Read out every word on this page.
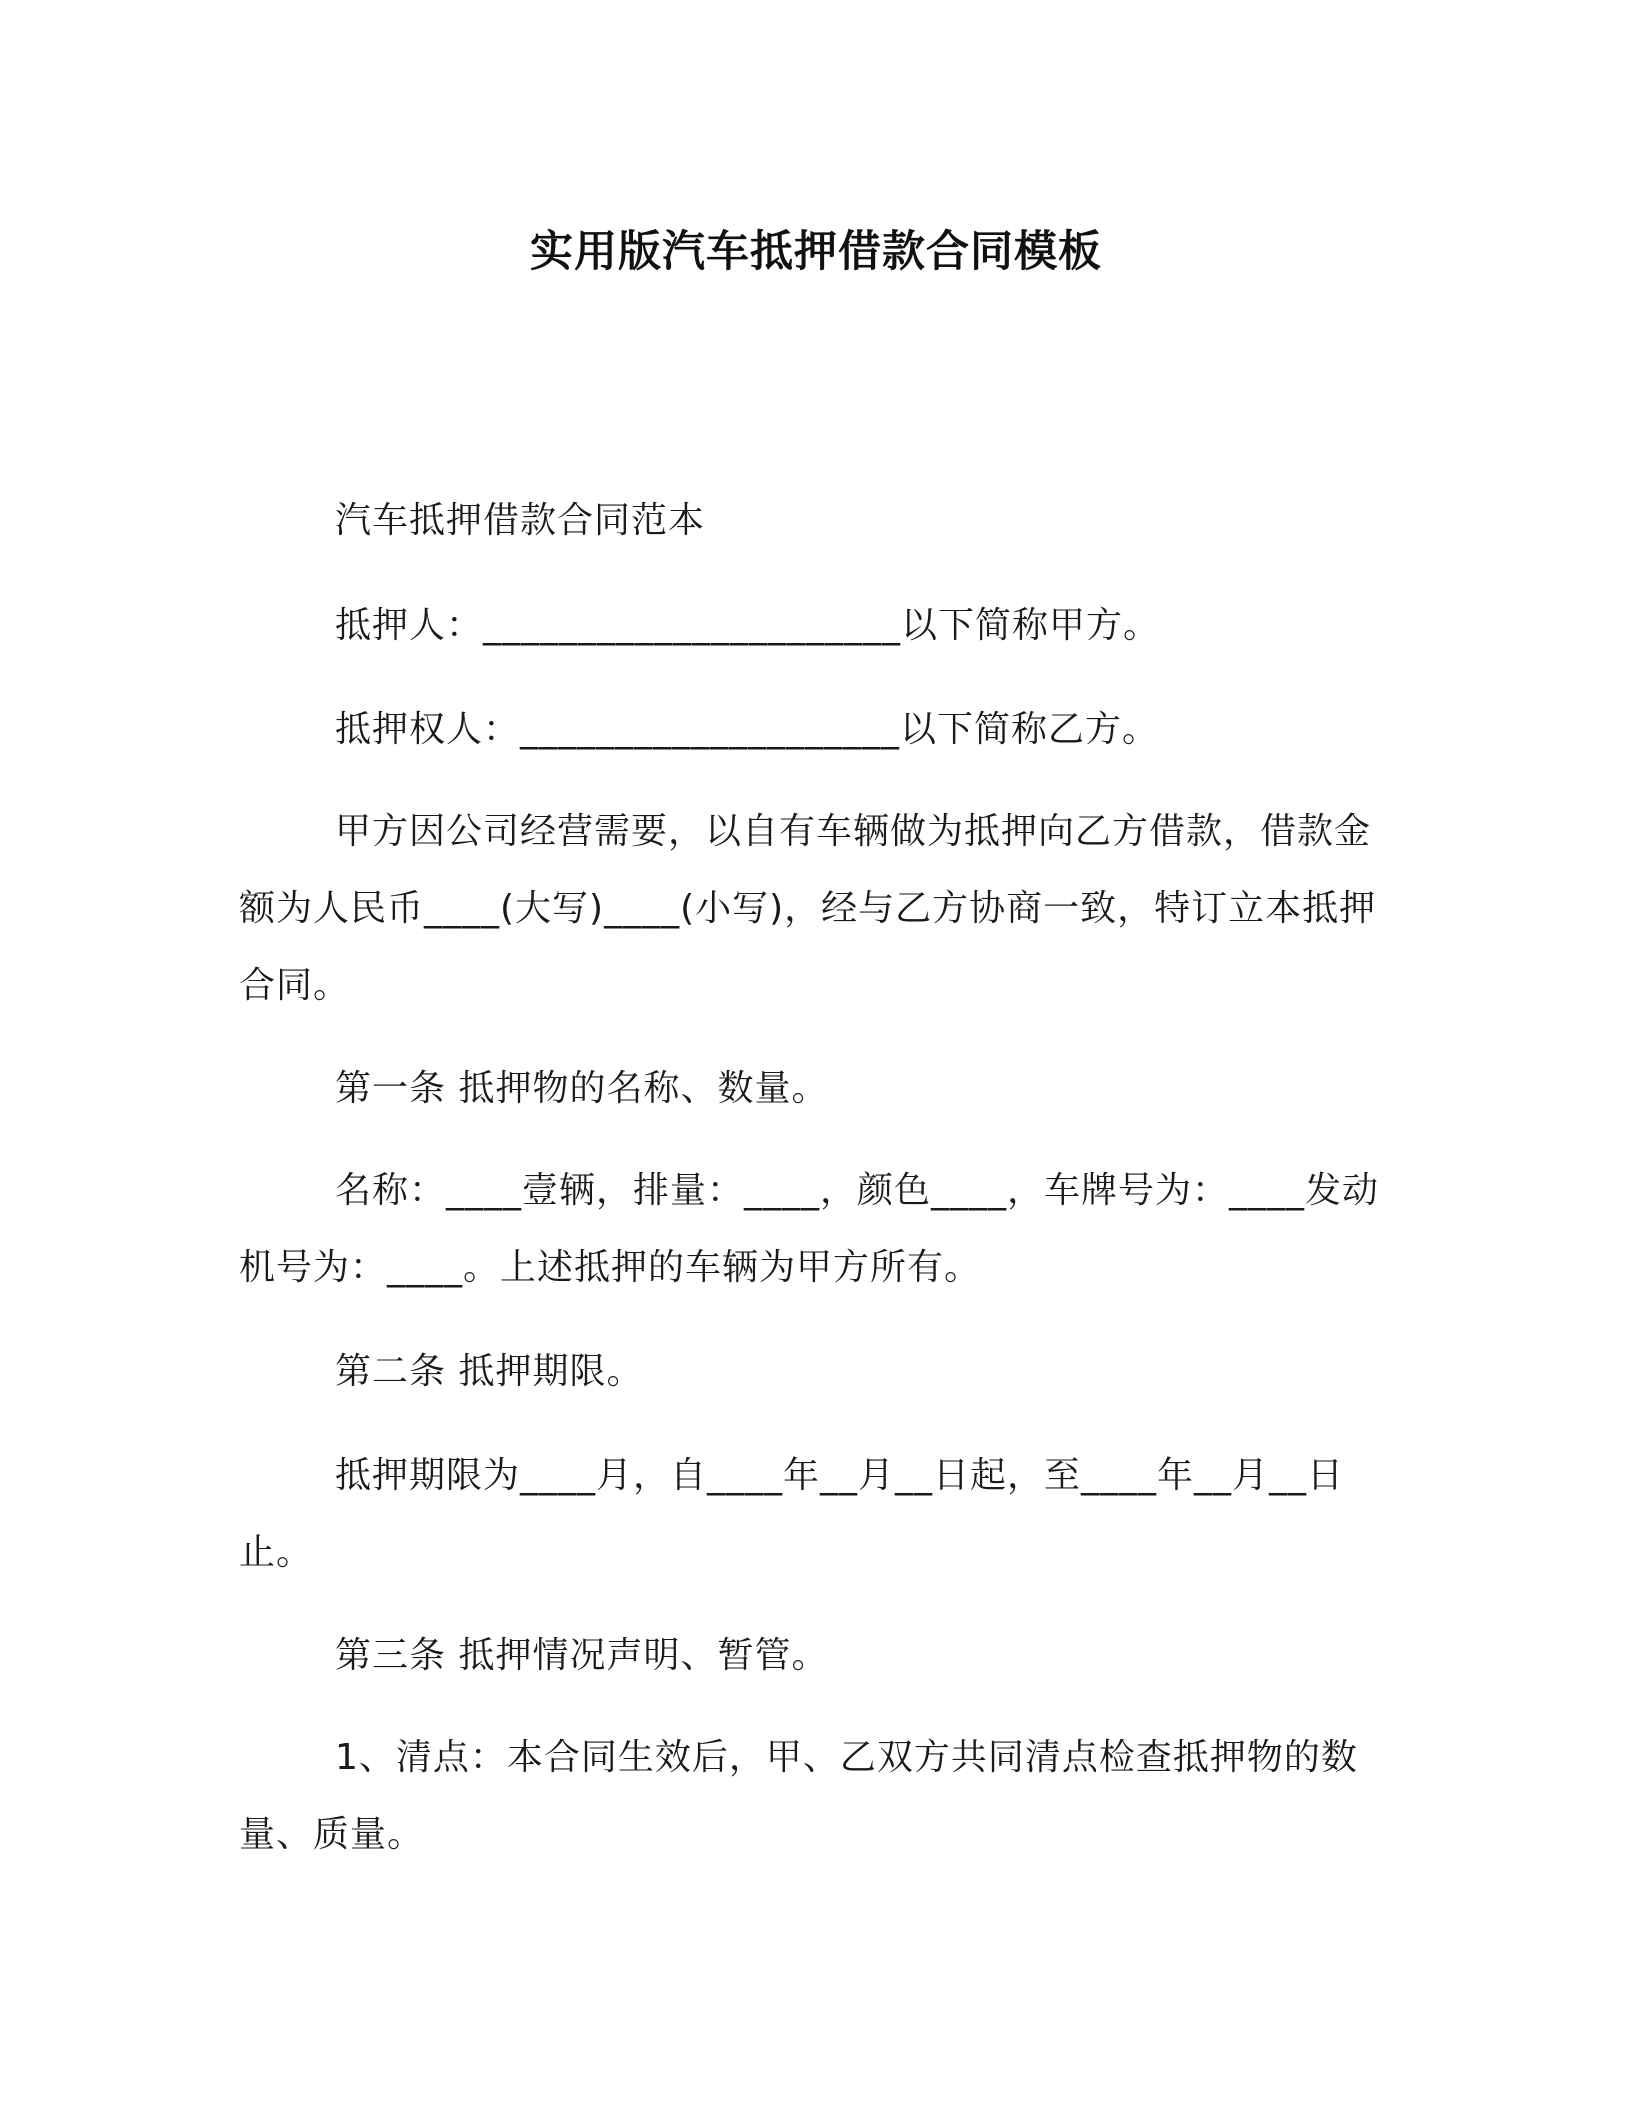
实用版汽车抵押借款合同模板

汽车抵押借款合同范本

抵押人：______________________以下简称甲方。

抵押权人：____________________以下简称乙方。

甲方因公司经营需要，以自有车辆做为抵押向乙方借款，借款金额为人民币____(大写)____(小写)，经与乙方协商一致，特订立本抵押合同。

第一条 抵押物的名称、数量。

名称：____壹辆，排量：____，颜色____，车牌号为：____发动机号为：____。上述抵押的车辆为甲方所有。

第二条 抵押期限。

抵押期限为____月，自____年__月__日起，至____年__月__日止。

第三条 抵押情况声明、暂管。

1、清点：本合同生效后，甲、乙双方共同清点检查抵押物的数量、质量。
